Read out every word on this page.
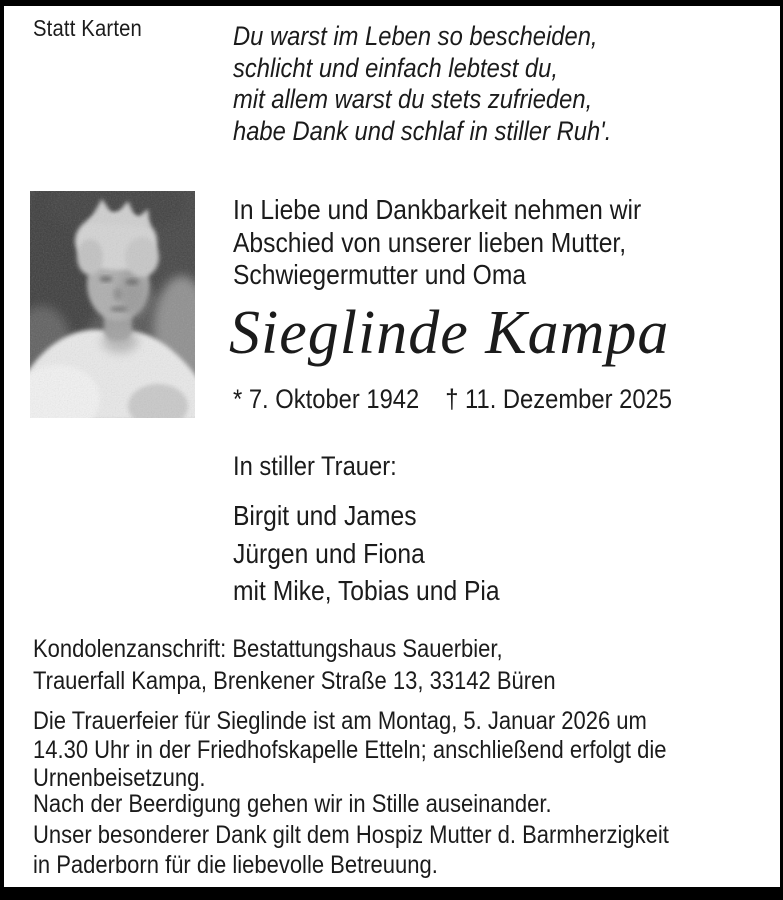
Statt Karten	Du warst im Leben so bescheiden,
schlicht und einfach lebtest du,
mit allem warst du stets zufrieden,
habe Dank und schlaf in stiller Ruh'.
In Liebe und Dankbarkeit nehmen wir
Abschied von unserer lieben Mutter,
Schwiegermutter und Oma
Sieglinde Kampa
* 7. Oktober 1942 † 11. Dezember 2025
In stiller Trauer:
Birgit und James
Jürgen und Fiona
mit Mike, Tobias und Pia
Kondolenzanschrift: Bestattungshaus Sauerbier,
Trauerfall Kampa, Brenkener Straße 13, 33142 Büren
Die Trauerfeier für Sieglinde ist am Montag, 5. Januar 2026 um
14.30 Uhr in der Friedhofskapelle Etteln; anschließend erfolgt die
Urnenbeisetzung.
Nach der Beerdigung gehen wir in Stille auseinander.
Unser besonderer Dank gilt dem Hospiz Mutter d. Barmherzigkeit
in Paderborn für die liebevolle Betreuung.
